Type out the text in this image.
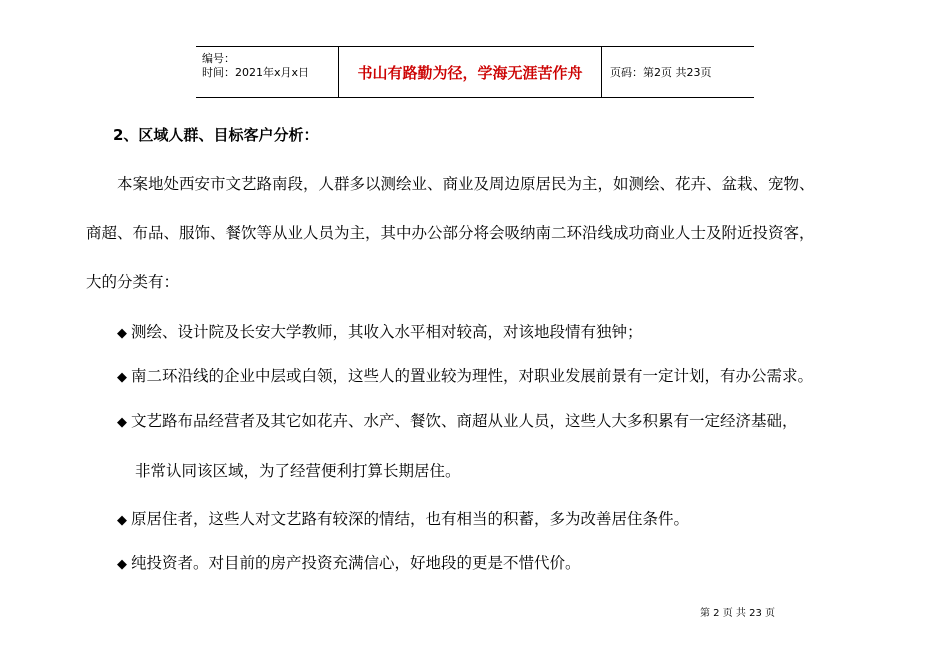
编号：
时间：2021年x月x日	书山有路勤为径，学海无涯苦作舟	页码：第2页 共23页
2、区域人群、目标客户分析：
本案地处西安市文艺路南段，人群多以测绘业、商业及周边原居民为主，如测绘、花卉、盆栽、宠物、
商超、布品、服饰、餐饮等从业人员为主，其中办公部分将会吸纳南二环沿线成功商业人士及附近投资客，
大的分类有：
◆ 测绘、设计院及长安大学教师，其收入水平相对较高，对该地段情有独钟；
◆ 南二环沿线的企业中层或白领，这些人的置业较为理性，对职业发展前景有一定计划，有办公需求。
◆ 文艺路布品经营者及其它如花卉、水产、餐饮、商超从业人员，这些人大多积累有一定经济基础，
非常认同该区域，为了经营便利打算长期居住。
◆ 原居住者，这些人对文艺路有较深的情结，也有相当的积蓄，多为改善居住条件。
◆ 纯投资者。对目前的房产投资充满信心，好地段的更是不惜代价。
第 2 页 共 23 页
